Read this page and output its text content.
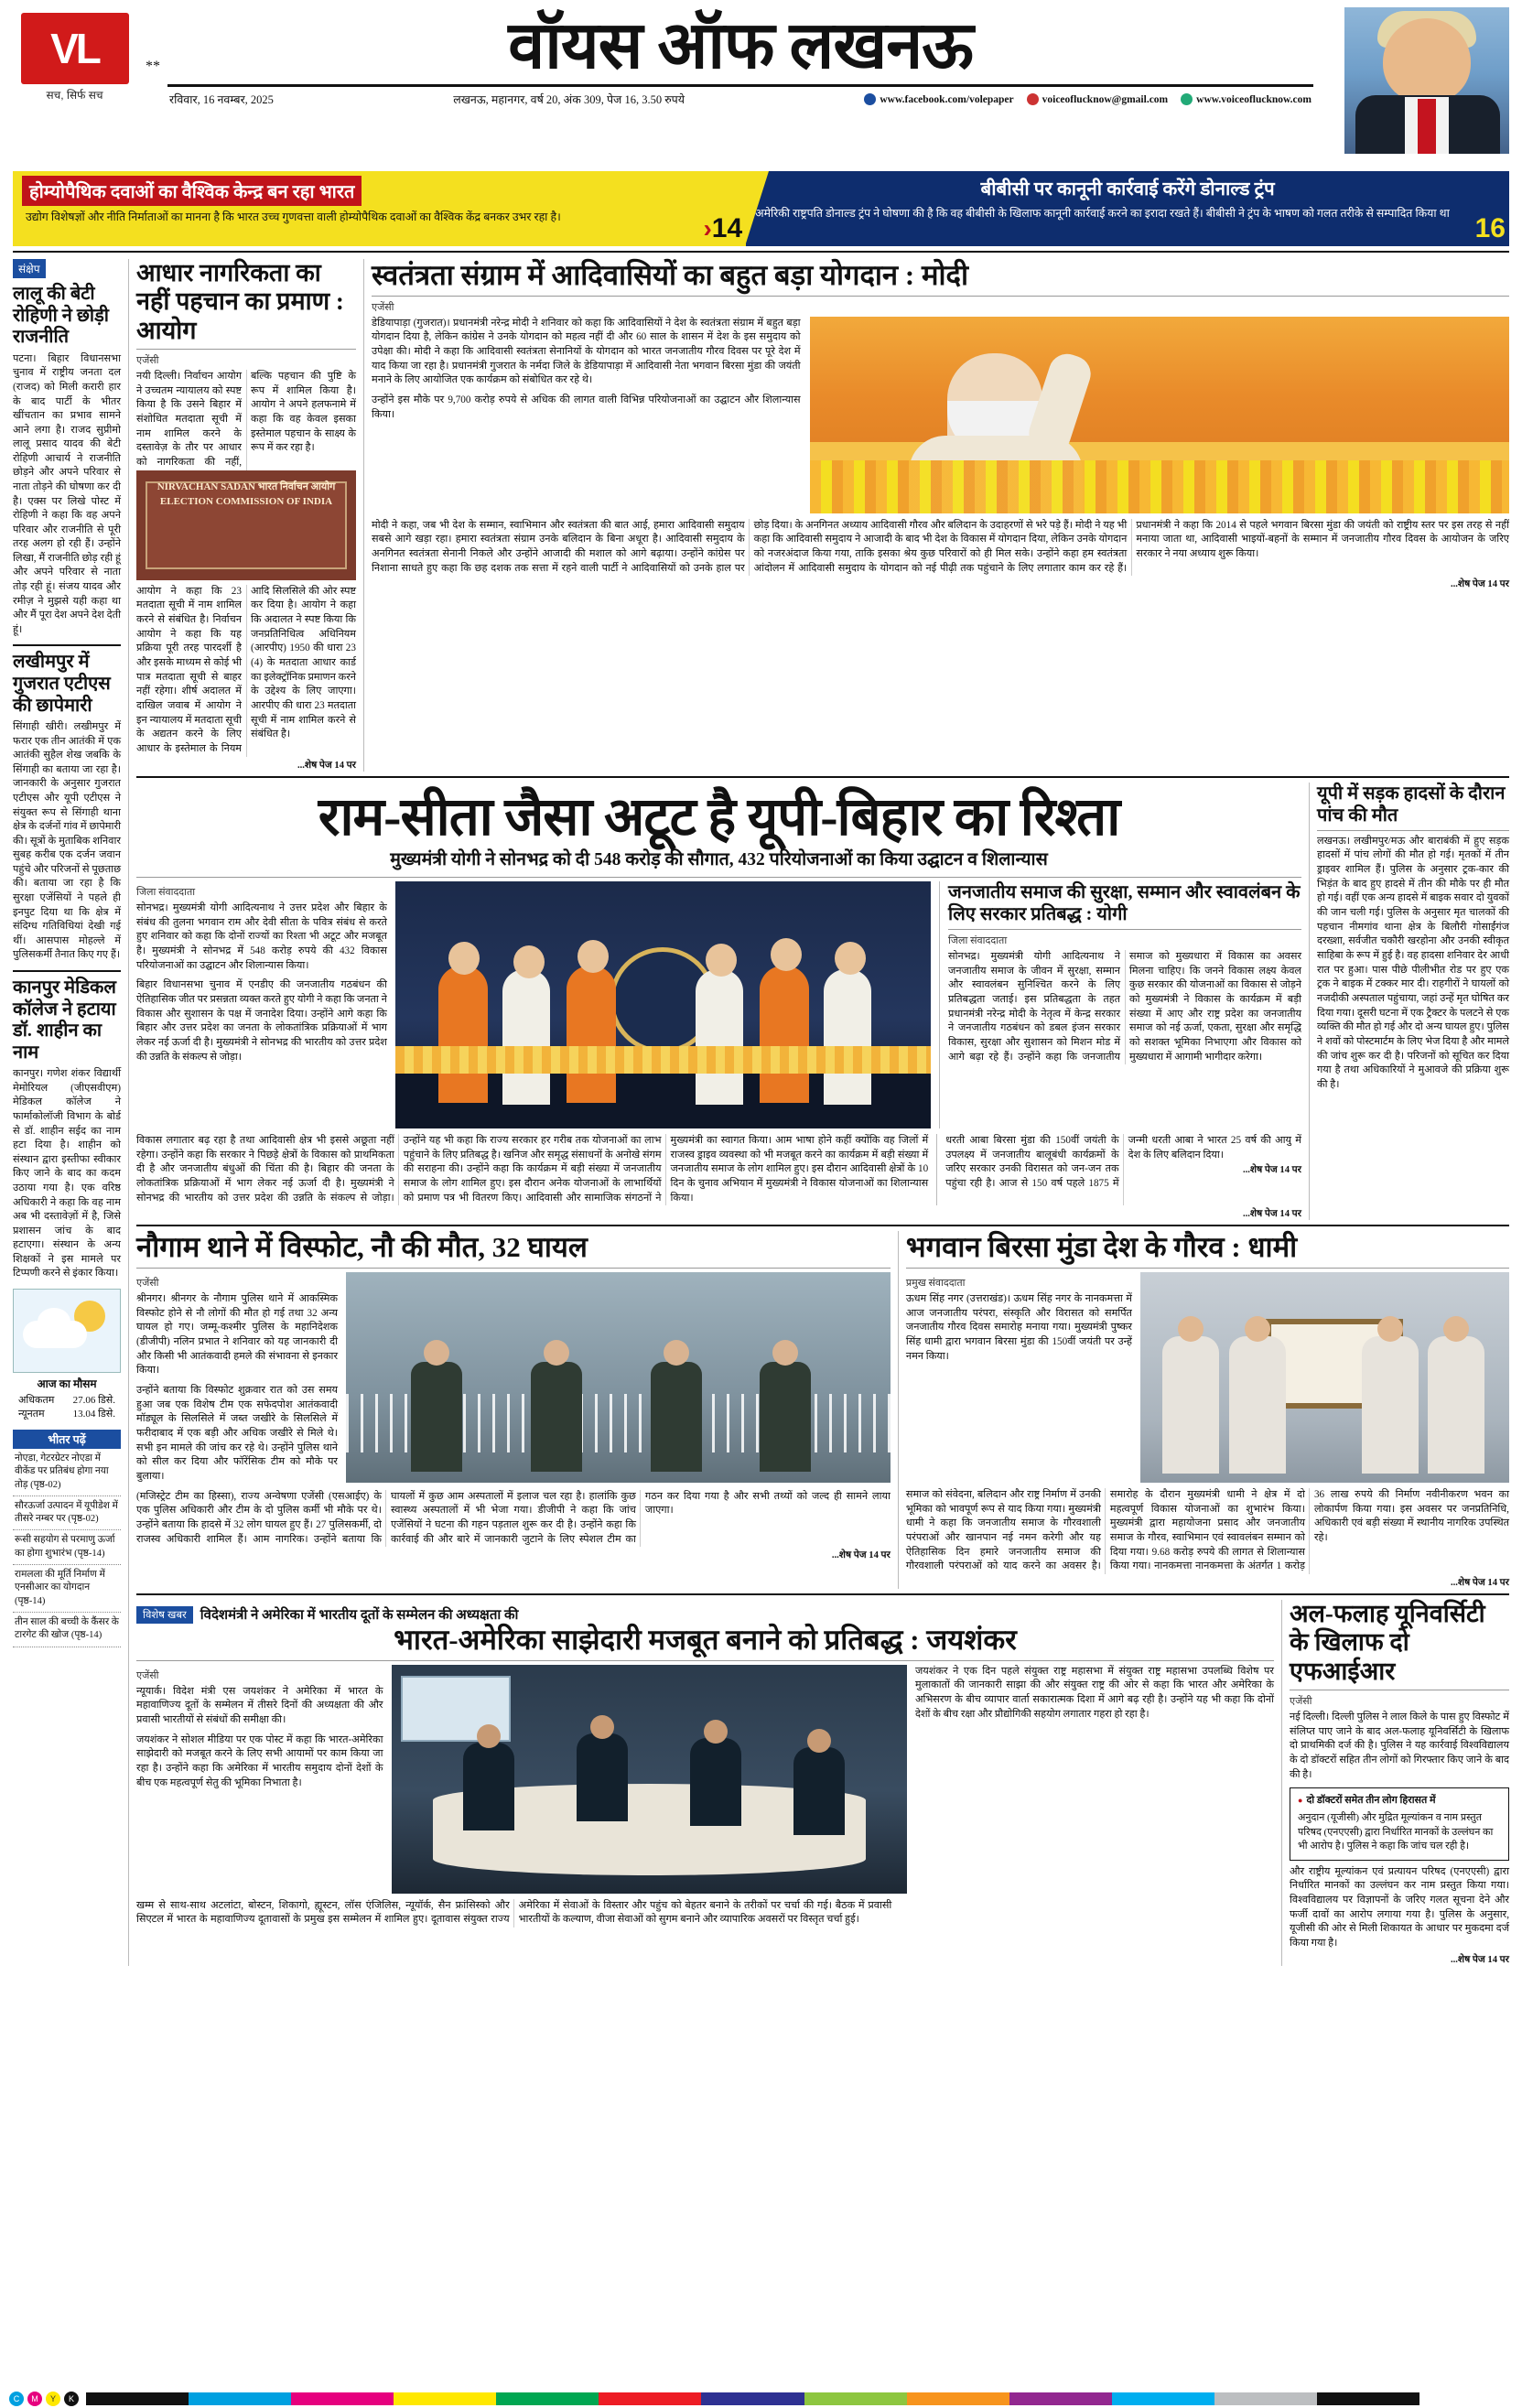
VL
सच, सिर्फ सच
**	वॉयस ऑफ लखनऊ
रविवार, 16 नवम्बर, 2025	लखनऊ, महानगर, वर्ष 20, अंक 309, पेज 16, 3.50 रुपये	www.facebook.com/volepaper	voiceoflucknow@gmail.com	www.voiceoflucknow.com
होम्योपैथिक दवाओं का वैश्विक केन्द्र बन रहा भारत
उद्योग विशेषज्ञों और नीति निर्माताओं का मानना है कि भारत उच्च गुणवत्ता वाली होम्योपैथिक दवाओं का वैश्विक केंद्र बनकर उभर रहा है।	›14
बीबीसी पर कानूनी कार्रवाई करेंगे डोनाल्ड ट्रंप
अमेरिकी राष्ट्रपति डोनाल्ड ट्रंप ने घोषणा की है कि वह बीबीसी के खिलाफ कानूनी कार्रवाई करने का इरादा रखते हैं। बीबीसी ने ट्रंप के भाषण को गलत तरीके से सम्पादित किया था 16
संक्षेप
लालू की बेटी रोहिणी ने छोड़ी राजनीति
पटना। बिहार विधानसभा चुनाव में राष्ट्रीय जनता दल (राजद) को मिली करारी हार के बाद पार्टी के भीतर खींचतान का प्रभाव सामने आने लगा है। राजद सुप्रीमो लालू प्रसाद यादव की बेटी रोहिणी आचार्य ने राजनीति छोड़ने और अपने परिवार से नाता तोड़ने की घोषणा कर दी है। एक्स पर लिखे पोस्ट में रोहिणी ने कहा कि वह अपने परिवार और राजनीति से पूरी तरह अलग हो रही हैं। उन्होंने लिखा, मैं राजनीति छोड़ रही हूं और अपने परिवार से नाता तोड़ रही हूं। संजय यादव और रमीज़ ने मुझसे यही कहा था और मैं पूरा देश अपने देश देती हूं।
लखीमपुर में गुजरात एटीएस की छापेमारी
सिंगाही खीरी। लखीमपुर में फरार एक तीन आतंकी में एक आतंकी सुहैल शेख जबकि के सिंगाही का बताया जा रहा है। जानकारी के अनुसार गुजरात एटीएस और यूपी एटीएस ने संयुक्त रूप से सिंगाही थाना क्षेत्र के दर्जनों गांव में छापेमारी की। सूत्रों के मुताबिक शनिवार सुबह करीब एक दर्जन जवान पहुंचे और परिजनों से पूछताछ की। बताया जा रहा है कि सुरक्षा एजेंसियों ने पहले ही इनपुट दिया था कि क्षेत्र में संदिग्ध गतिविधियां देखी गई थीं। आसपास मोहल्ले में पुलिसकर्मी तैनात किए गए हैं।
कानपुर मेडिकल कॉलेज ने हटाया डॉ. शाहीन का नाम
कानपुर। गणेश शंकर विद्यार्थी मेमोरियल (जीएसवीएम) मेडिकल कॉलेज ने फार्माकोलॉजी विभाग के बोर्ड से डॉ. शाहीन सईद का नाम हटा दिया है। शाहीन को संस्थान द्वारा इस्तीफा स्वीकार किए जाने के बाद का कदम उठाया गया है। एक वरिष्ठ अधिकारी ने कहा कि वह नाम अब भी दस्तावेज़ों में है, जिसे प्रशासन जांच के बाद हटाएगा। संस्थान के अन्य शिक्षकों ने इस मामले पर टिप्पणी करने से इंकार किया।
आज का मौसम
अधिकतम 27.06 डिसे.
न्यूनतम	13.04 डिसे.
भीतर पढ़ें
नोएडा, गेटरग्रेटर नोएडा में वीकेंड पर प्रतिबंध होगा नया तोड़ (पृष्ठ-02)
सौरऊर्जा उत्पादन में यूपीडेश में तीसरे नम्बर पर (पृष्ठ-02)
रूसी सहयोग से परमाणु ऊर्जा का होगा शुभारंभ (पृष्ठ-14)
रामलला की मूर्ति निर्माण में एनसीआर का योगदान (पृष्ठ-14)
तीन साल की बच्ची के कैंसर के टारगेट की खोज (पृष्ठ-14)
आधार नागरिकता का नहीं पहचान का प्रमाण : आयोग
एजेंसी
नयी दिल्ली। निर्वाचन आयोग ने उच्चतम न्यायालय को स्पष्ट किया है कि उसने बिहार में संशोधित मतदाता सूची में नाम शामिल करने के दस्तावेज़ के तौर पर आधार को नागरिकता की नहीं, बल्कि पहचान की पुष्टि के रूप में शामिल किया है। आयोग ने अपने हलफनामे में कहा कि वह केवल इसका इस्तेमाल पहचान के साक्ष्य के रूप में कर रहा है।
NIRVACHAN SADAN भारत निर्वाचन आयोग ELECTION COMMISSION OF INDIA
आयोग ने कहा कि 23 मतदाता सूची में नाम शामिल करने से संबंधित है। निर्वाचन आयोग ने कहा कि यह प्रक्रिया पूरी तरह पारदर्शी है और इसके माध्यम से कोई भी पात्र मतदाता सूची से बाहर नहीं रहेगा। शीर्ष अदालत में दाखिल जवाब में आयोग ने इन न्यायालय में मतदाता सूची के अद्यतन करने के लिए आधार के इस्तेमाल के नियम आदि सिलसिले की ओर स्पष्ट कर दिया है। आयोग ने कहा कि अदालत ने स्पष्ट किया कि जनप्रतिनिधित्व अधिनियम (आरपीए) 1950 की धारा 23 (4) के मतदाता आधार कार्ड का इलेक्ट्रॉनिक प्रमाणन करने के उद्देश्य के लिए जाएगा। आरपीए की धारा 23 मतदाता सूची में नाम शामिल करने से संबंधित है।
...शेष पेज 14 पर
स्वतंत्रता संग्राम में आदिवासियों का बहुत बड़ा योगदान : मोदी
एजेंसी
डेडियापाड़ा (गुजरात)। प्रधानमंत्री नरेन्द्र मोदी ने शनिवार को कहा कि आदिवासियों ने देश के स्वतंत्रता संग्राम में बहुत बड़ा योगदान दिया है, लेकिन कांग्रेस ने उनके योगदान को महत्व नहीं दी और 60 साल के शासन में देश के इस समुदाय को उपेक्षा की। मोदी ने कहा कि आदिवासी स्वतंत्रता सेनानियों के योगदान को भारत जनजातीय गौरव दिवस पर पूरे देश में याद किया जा रहा है। प्रधानमंत्री गुजरात के नर्मदा जिले के डेडियापाड़ा में आदिवासी नेता भगवान बिरसा मुंडा की जयंती मनाने के लिए आयोजित एक कार्यक्रम को संबोधित कर रहे थे।
उन्होंने इस मौके पर 9,700 करोड़ रुपये से अधिक की लागत वाली विभिन्न परियोजनाओं का उद्घाटन और शिलान्यास किया।
मोदी ने कहा, जब भी देश के सम्मान, स्वाभिमान और स्वतंत्रता की बात आई, हमारा आदिवासी समुदाय सबसे आगे खड़ा रहा। हमारा स्वतंत्रता संग्राम उनके बलिदान के बिना अधूरा है। आदिवासी समुदाय के अनगिनत स्वतंत्रता सेनानी निकले और उन्होंने आजादी की मशाल को आगे बढ़ाया। उन्होंने कांग्रेस पर निशाना साधते हुए कहा कि छह दशक तक सत्ता में रहने वाली पार्टी ने आदिवासियों को उनके हाल पर छोड़ दिया। के अनगिनत अध्याय आदिवासी गौरव और बलिदान के उदाहरणों से भरे पड़े हैं। मोदी ने यह भी कहा कि आदिवासी समुदाय ने आजादी के बाद भी देश के विकास में योगदान दिया, लेकिन उनके योगदान को नजरअंदाज किया गया, ताकि इसका श्रेय कुछ परिवारों को ही मिल सके। उन्होंने कहा हम स्वतंत्रता आंदोलन में आदिवासी समुदाय के योगदान को नई पीढ़ी तक पहुंचाने के लिए लगातार काम कर रहे हैं। प्रधानमंत्री ने कहा कि 2014 से पहले भगवान बिरसा मुंडा की जयंती को राष्ट्रीय स्तर पर इस तरह से नहीं मनाया जाता था, आदिवासी भाइयों-बहनों के सम्मान में जनजातीय गौरव दिवस के आयोजन के जरिए सरकार ने नया अध्याय शुरू किया।
...शेष पेज 14 पर
राम-सीता जैसा अटूट है यूपी-बिहार का रिश्ता
मुख्यमंत्री योगी ने सोनभद्र को दी 548 करोड़ की सौगात, 432 परियोजनाओं का किया उद्घाटन व शिलान्यास
जिला संवाददाता
सोनभद्र। मुख्यमंत्री योगी आदित्यनाथ ने उत्तर प्रदेश और बिहार के संबंध की तुलना भगवान राम और देवी सीता के पवित्र संबंध से करते हुए शनिवार को कहा कि दोनों राज्यों का रिश्ता भी अटूट और मजबूत है। मुख्यमंत्री ने सोनभद्र में 548 करोड़ रुपये की 432 विकास परियोजनाओं का उद्घाटन और शिलान्यास किया।
बिहार विधानसभा चुनाव में एनडीए की जनजातीय गठबंधन की ऐतिहासिक जीत पर प्रसन्नता व्यक्त करते हुए योगी ने कहा कि जनता ने विकास और सुशासन के पक्ष में जनादेश दिया। उन्होंने आगे कहा कि बिहार और उत्तर प्रदेश का जनता के लोकतांत्रिक प्रक्रियाओं में भाग लेकर नई ऊर्जा दी है। मुख्यमंत्री ने सोनभद्र की भारतीय को उत्तर प्रदेश की उन्नति के संकल्प से जोड़ा।
जनजातीय समाज की सुरक्षा, सम्मान और स्वावलंबन के लिए सरकार प्रतिबद्ध : योगी
जिला संवाददाता
सोनभद्र। मुख्यमंत्री योगी आदित्यनाथ ने जनजातीय समाज के जीवन में सुरक्षा, सम्मान और स्वावलंबन सुनिश्चित करने के लिए प्रतिबद्धता जताई। इस प्रतिबद्धता के तहत प्रधानमंत्री नरेन्द्र मोदी के नेतृत्व में केन्द्र सरकार ने जनजातीय गठबंधन को डबल इंजन सरकार विकास, सुरक्षा और सुशासन को मिशन मोड में आगे बढ़ा रहे हैं। उन्होंने कहा कि जनजातीय समाज को मुख्यधारा में विकास का अवसर मिलना चाहिए। कि जनने विकास लक्ष्य केवल कुछ सरकार की योजनाओं का विकास से जोड़ने को मुख्यमंत्री ने विकास के कार्यक्रम में बड़ी संख्या में आए और राष्ट्र प्रदेश का जनजातीय समाज को नई ऊर्जा, एकता, सुरक्षा और समृद्धि को सशक्त भूमिका निभाएगा और विकास को मुख्यधारा में आगामी भागीदार करेगा।
विकास लगातार बढ़ रहा है तथा आदिवासी क्षेत्र भी इससे अछूता नहीं रहेगा। उन्होंने कहा कि सरकार ने पिछड़े क्षेत्रों के विकास को प्राथमिकता दी है और जनजातीय बंधुओं की चिंता की है। बिहार की जनता के लोकतांत्रिक प्रक्रियाओं में भाग लेकर नई ऊर्जा दी है। मुख्यमंत्री ने सोनभद्र की भारतीय को उत्तर प्रदेश की उन्नति के संकल्प से जोड़ा। उन्होंने यह भी कहा कि राज्य सरकार हर गरीब तक योजनाओं का लाभ पहुंचाने के लिए प्रतिबद्ध है। खनिज और समृद्ध संसाधनों के अनोखे संगम की सराहना की। उन्होंने कहा कि कार्यक्रम में बड़ी संख्या में जनजातीय समाज के लोग शामिल हुए। इस दौरान अनेक योजनाओं के लाभार्थियों को प्रमाण पत्र भी वितरण किए। आदिवासी और सामाजिक संगठनों ने मुख्यमंत्री का स्वागत किया। आम भाषा होने कहीं क्योंकि वह जिलों में राजस्व ड्राइव व्यवस्था को भी मजबूत करने का कार्यक्रम में बड़ी संख्या में जनजातीय समाज के लोग शामिल हुए। इस दौरान आदिवासी क्षेत्रों के 10 दिन के चुनाव अभियान में मुख्यमंत्री ने विकास योजनाओं का शिलान्यास किया।
धरती आबा बिरसा मुंडा की 150वीं जयंती के उपलक्ष्य में जनजातीय बालूबंधी कार्यक्रमों के जरिए सरकार उनकी विरासत को जन-जन तक पहुंचा रही है। आज से 150 वर्ष पहले 1875 में जन्मी धरती आबा ने भारत 25 वर्ष की आयु में देश के लिए बलिदान दिया।
...शेष पेज 14 पर
...शेष पेज 14 पर
यूपी में सड़क हादसों के दौरान पांच की मौत
लखनऊ। लखीमपुर/मऊ और बाराबंकी में हुए सड़क हादसों में पांच लोगों की मौत हो गई। मृतकों में तीन ड्राइवर शामिल हैं। पुलिस के अनुसार ट्रक-कार की भिड़ंत के बाद हुए हादसे में तीन की मौके पर ही मौत हो गई। वहीं एक अन्य हादसे में बाइक सवार दो युवकों की जान चली गई। पुलिस के अनुसार मृत चालकों की पहचान नीमगांव थाना क्षेत्र के बिलौरी गोसाईंगंज दरख्शा, सर्वजीत चकौरी खरहोना और उनकी स्वीकृत साहिबा के रूप में हुई है। वह हादसा शनिवार देर आधी रात पर हुआ। पास पीछे पीलीभीत रोड पर हुए एक ट्रक ने बाइक में टक्कर मार दी। राहगीरों ने घायलों को नजदीकी अस्पताल पहुंचाया, जहां उन्हें मृत घोषित कर दिया गया। दूसरी घटना में एक ट्रैक्टर के पलटने से एक व्यक्ति की मौत हो गई और दो अन्य घायल हुए। पुलिस ने शवों को पोस्टमार्टम के लिए भेज दिया है और मामले की जांच शुरू कर दी है। परिजनों को सूचित कर दिया गया है तथा अधिकारियों ने मुआवजे की प्रक्रिया शुरू की है।
नौगाम थाने में विस्फोट, नौ की मौत, 32 घायल
एजेंसी
श्रीनगर। श्रीनगर के नौगाम पुलिस थाने में आकस्मिक विस्फोट होने से नौ लोगों की मौत हो गई तथा 32 अन्य घायल हो गए। जम्मू-कश्मीर पुलिस के महानिदेशक (डीजीपी) नलिन प्रभात ने शनिवार को यह जानकारी दी और किसी भी आतंकवादी हमले की संभावना से इनकार किया।
उन्होंने बताया कि विस्फोट शुक्रवार रात को उस समय हुआ जब एक विशेष टीम एक सफेदपोश आतंकवादी मॉड्यूल के सिलसिले में जब्त जखीरे के सिलसिले में फरीदाबाद में एक बड़ी और अधिक जखीरे से मिले थे। सभी इन मामले की जांच कर रहे थे। उन्होंने पुलिस थाने को सील कर दिया और फॉरेंसिक टीम को मौके पर बुलाया।
(मजिस्ट्रेट टीम का हिस्सा), राज्य अन्वेषणा एजेंसी (एसआईए) के एक पुलिस अधिकारी और टीम के दो पुलिस कर्मी भी मौके पर थे। उन्होंने बताया कि हादसे में 32 लोग घायल हुए हैं। 27 पुलिसकर्मी, दो राजस्व अधिकारी शामिल हैं। आम नागरिक। उन्होंने बताया कि घायलों में कुछ आम अस्पतालों में इलाज चल रहा है। हालांकि कुछ स्वास्थ्य अस्पतालों में भी भेजा गया। डीजीपी ने कहा कि जांच एजेंसियों ने घटना की गहन पड़ताल शुरू कर दी है। उन्होंने कहा कि कार्रवाई की और बारे में जानकारी जुटाने के लिए स्पेशल टीम का गठन कर दिया गया है और सभी तथ्यों को जल्द ही सामने लाया जाएगा।
...शेष पेज 14 पर
भगवान बिरसा मुंडा देश के गौरव : धामी
प्रमुख संवाददाता
ऊधम सिंह नगर (उत्तराखंड)। ऊधम सिंह नगर के नानकमत्ता में आज जनजातीय परंपरा, संस्कृति और विरासत को समर्पित जनजातीय गौरव दिवस समारोह मनाया गया। मुख्यमंत्री पुष्कर सिंह धामी द्वारा भगवान बिरसा मुंडा की 150वीं जयंती पर उन्हें नमन किया।
समाज को संवेदना, बलिदान और राष्ट्र निर्माण में उनकी भूमिका को भावपूर्ण रूप से याद किया गया। मुख्यमंत्री धामी ने कहा कि जनजातीय समाज के गौरवशाली परंपराओं और खानपान नई नमन करेगी और यह ऐतिहासिक दिन हमारे जनजातीय समाज की गौरवशाली परंपराओं को याद करने का अवसर है। समारोह के दौरान मुख्यमंत्री धामी ने क्षेत्र में दो महत्वपूर्ण विकास योजनाओं का शुभारंभ किया। मुख्यमंत्री द्वारा महायाेजना प्रसाद और जनजातीय समाज के गौरव, स्वाभिमान एवं स्वावलंबन सम्मान को दिया गया। 9.68 करोड़ रुपये की लागत से शिलान्यास किया गया। नानकमत्ता नानकमत्ता के अंतर्गत 1 करोड़ 36 लाख रुपये की निर्माण नवीनीकरण भवन का लोकार्पण किया गया। इस अवसर पर जनप्रतिनिधि, अधिकारी एवं बड़ी संख्या में स्थानीय नागरिक उपस्थित रहे।
...शेष पेज 14 पर
विशेष खबर	विदेशमंत्री ने अमेरिका में भारतीय दूतों के सम्मेलन की अध्यक्षता की
भारत-अमेरिका साझेदारी मजबूत बनाने को प्रतिबद्ध : जयशंकर
एजेंसी
न्यूयार्क। विदेश मंत्री एस जयशंकर ने अमेरिका में भारत के महावाणिज्य दूतों के सम्मेलन में तीसरे दिनों की अध्यक्षता की और प्रवासी भारतीयों से संबंधों की समीक्षा की।
जयशंकर ने सोशल मीडिया पर एक पोस्ट में कहा कि भारत-अमेरिका साझेदारी को मजबूत करने के लिए सभी आयामों पर काम किया जा रहा है। उन्होंने कहा कि अमेरिका में भारतीय समुदाय दोनों देशों के बीच एक महत्वपूर्ण सेतु की भूमिका निभाता है।
जयशंकर ने एक दिन पहले संयुक्त राष्ट्र महासभा में संयुक्त राष्ट्र महासभा उपलब्धि विशेष पर मुलाकातों की जानकारी साझा की और संयुक्त राष्ट्र की ओर से कहा कि भारत और अमेरिका के अभिसरण के बीच व्यापार वार्ता सकारात्मक दिशा में आगे बढ़ रही है। उन्होंने यह भी कहा कि दोनों देशों के बीच रक्षा और प्रौद्योगिकी सहयोग लगातार गहरा हो रहा है।
खम्म से साथ-साथ अटलांटा, बोस्टन, शिकागो, ह्यूस्टन, लॉस एंजिलिस, न्यूयॉर्क, सैन फ्रांसिस्को और सिएटल में भारत के महावाणिज्य दूतावासों के प्रमुख इस सम्मेलन में शामिल हुए। दूतावास संयुक्त राज्य अमेरिका में सेवाओं के विस्तार और पहुंच को बेहतर बनाने के तरीकों पर चर्चा की गई। बैठक में प्रवासी भारतीयों के कल्याण, वीजा सेवाओं को सुगम बनाने और व्यापारिक अवसरों पर विस्तृत चर्चा हुई।
अल-फलाह यूनिवर्सिटी के खिलाफ दो एफआईआर
एजेंसी
नई दिल्ली। दिल्ली पुलिस ने लाल किले के पास हुए विस्फोट में संलिप्त पाए जाने के बाद अल-फलाह यूनिवर्सिटी के खिलाफ दो प्राथमिकी दर्ज की है। पुलिस ने यह कार्रवाई विश्वविद्यालय के दो डॉक्टरों सहित तीन लोगों को गिरफ्तार किए जाने के बाद की है।
● दो डॉक्टरों समेत तीन लोग हिरासत में
अनुदान (यूजीसी) और मुद्रित मूल्यांकन व नाम प्रस्तुत परिषद (एनएएसी) द्वारा निर्धारित मानकों के उल्लंघन का भी आरोप है। पुलिस ने कहा कि जांच चल रही है।
और राष्ट्रीय मूल्यांकन एवं प्रत्यायन परिषद (एनएएसी) द्वारा निर्धारित मानकों का उल्लंघन कर नाम प्रस्तुत किया गया। विश्वविद्यालय पर विज्ञापनों के जरिए गलत सूचना देने और फर्जी दावों का आरोप लगाया गया है। पुलिस के अनुसार, यूजीसी की ओर से मिली शिकायत के आधार पर मुकदमा दर्ज किया गया है।
...शेष पेज 14 पर
C	M	Y	K
